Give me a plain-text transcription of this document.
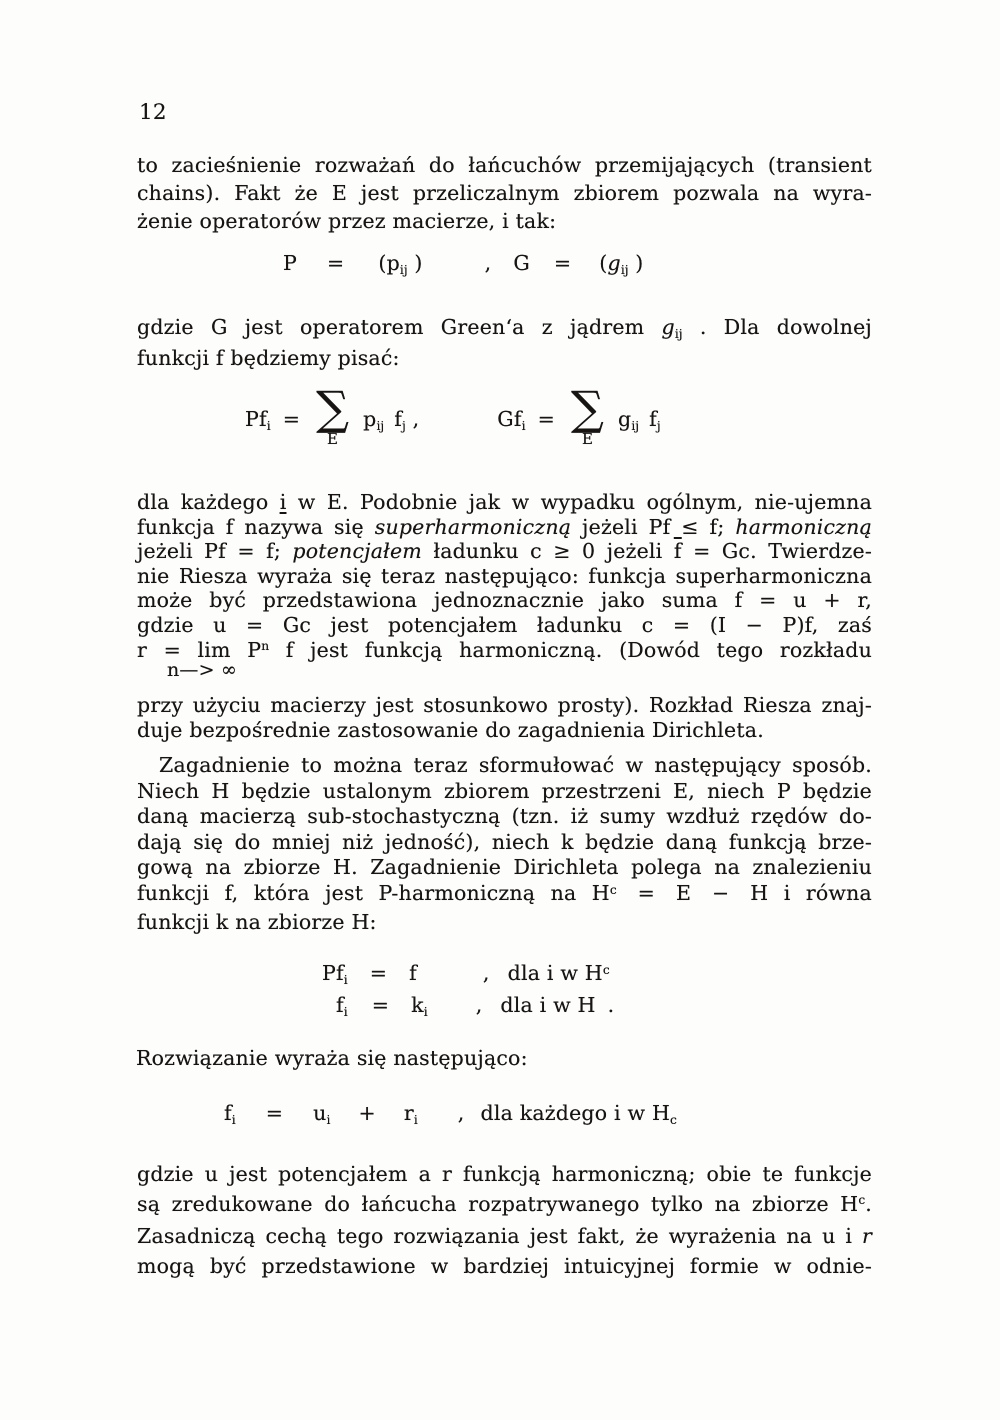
12
to zacieśnienie rozważań do łańcuchów przemijających (transient
chains). Fakt że E jest przeliczalnym zbiorem pozwala na wyra-
żenie operatorów przez macierze, i tak:
P = (pij )	, G = (gij )
gdzie G jest operatorem Green‘a z jądrem gij . Dla dowolnej
funkcji f będziemy pisać:
Pfi = ∑
E
pij fj ,	Gfi = ∑
E
gij fj
dla każdego i w E. Podobnie jak w wypadku ogólnym, nie-ujemna
funkcja f nazywa się superharmoniczną jeżeli Pf ≤ f; harmoniczną
jeżeli Pf = f; potencjałem ładunku c ≥ 0 jeżeli $\overline{f} = Gc$. Twierdze-
nie Riesza wyraża się teraz następująco: funkcja superharmoniczna
może być przedstawiona jednoznacznie jako suma f = u + r,
gdzie u = Gc jest potencjałem ładunku c = (I − P)f, zaś
$r = \lim P^n$ f jest funkcją harmoniczną. (Dowód tego rozkładu
n—> ∞
przy użyciu macierzy jest stosunkowo prosty). Rozkład Riesza znaj-
duje bezpośrednie zastosowanie do zagadnienia Dirichleta.
Zagadnienie to można teraz sformułować w następujący sposób.
Niech H będzie ustalonym zbiorem przestrzeni E, niech P będzie
daną macierzą sub-stochastyczną (tzn. iż sumy wzdłuż rzędów do-
dają się do mniej niż jedność), niech k będzie daną funkcją brze-
gową na zbiorze H. Zagadnienie Dirichleta polega na znalezieniu
funkcji f, która jest P-harmoniczną na $H^c$  =  E  −  H i równa
funkcji k na zbiorze H:
Pfi = f	, dla i w $H^c$
fi = ki , dla i w H .
Rozwiązanie wyraża się następująco:
fi = ui + ri , dla każdego i w Hc
gdzie u jest potencjałem a r funkcją harmoniczną; obie te funkcje
są zredukowane do łańcucha rozpatrywanego tylko na zbiorze $H^c$.
Zasadniczą cechą tego rozwiązania jest fakt, że wyrażenia na u i r
mogą być przedstawione w bardziej intuicyjnej formie w odnie-
